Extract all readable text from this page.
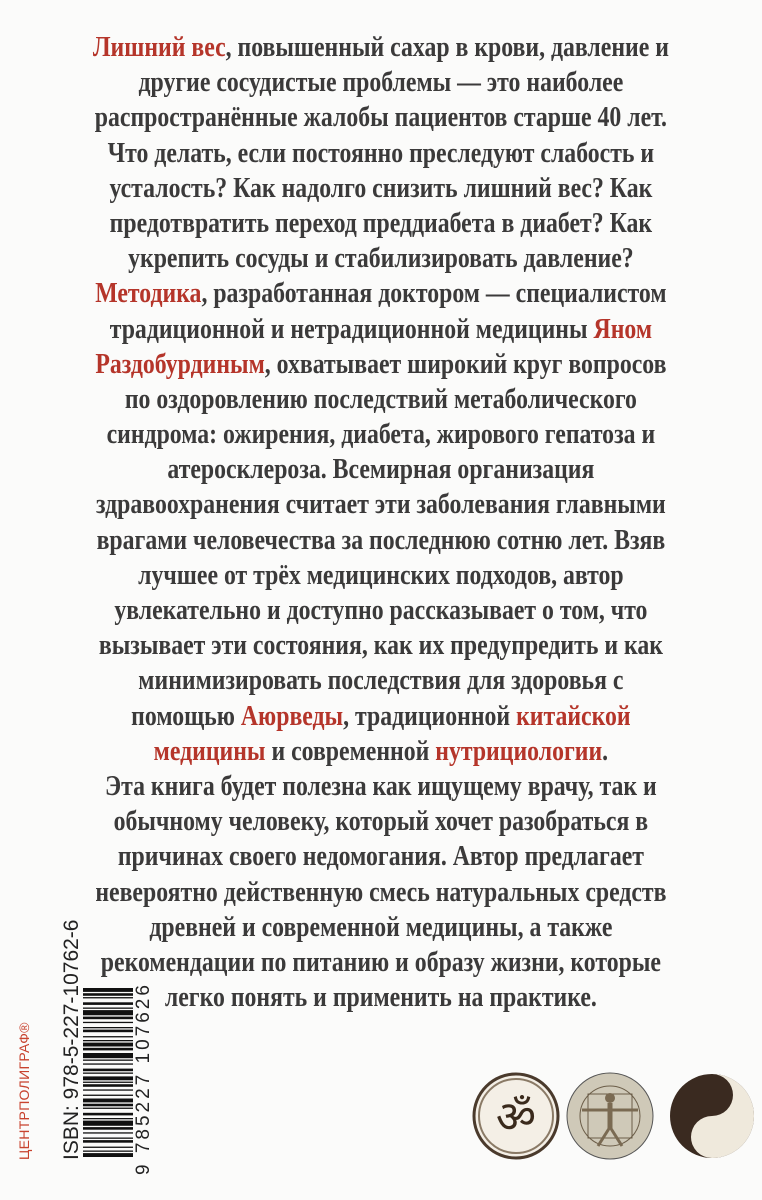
Лишний вес, повышенный сахар в крови, давление и
другие сосудистые проблемы — это наиболее
распространённые жалобы пациентов старше 40 лет.
Что делать, если постоянно преследуют слабость и
усталость? Как надолго снизить лишний вес? Как
предотвратить переход преддиабета в диабет? Как
укрепить сосуды и стабилизировать давление?
Методика, разработанная доктором — специалистом
традиционной и нетрадиционной медицины Яном
Раздобурдиным, охватывает широкий круг вопросов
по оздоровлению последствий метаболического
синдрома: ожирения, диабета, жирового гепатоза и
атеросклероза. Всемирная организация
здравоохранения считает эти заболевания главными
врагами человечества за последнюю сотню лет. Взяв
лучшее от трёх медицинских подходов, автор
увлекательно и доступно рассказывает о том, что
вызывает эти состояния, как их предупредить и как
минимизировать последствия для здоровья с
помощью Аюрведы, традиционной китайской
медицины и современной нутрициологии.
Эта книга будет полезна как ищущему врачу, так и
обычному человеку, который хочет разобраться в
причинах своего недомогания. Автор предлагает
невероятно действенную смесь натуральных средств
древней и современной медицины, а также
рекомендации по питанию и образу жизни, которые
легко понять и применить на практике.
ЦЕНТРПОЛИГРАФ® ISBN: 978-5-227-10762-6	9 785227 107626	ॐ
